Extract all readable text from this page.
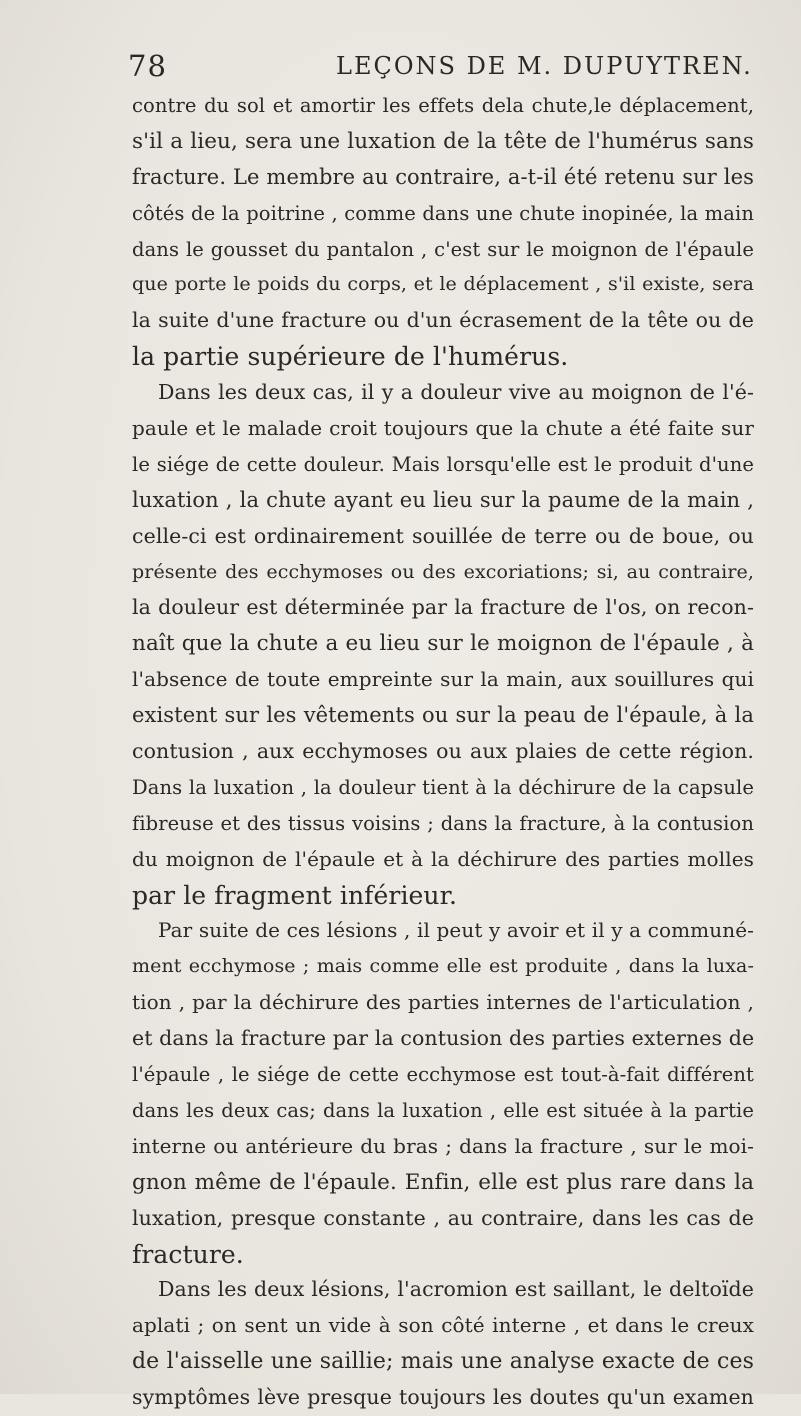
78	LEÇONS DE M. DUPUYTREN.
contre du sol et amortir les effets dela chute,le déplacement,
s'il a lieu, sera une luxation de la tête de l'humérus sans
fracture. Le membre au contraire, a-t-il été retenu sur les
côtés de la poitrine , comme dans une chute inopinée, la main
dans le gousset du pantalon , c'est sur le moignon de l'épaule
que porte le poids du corps, et le déplacement , s'il existe, sera
la suite d'une fracture ou d'un écrasement de la tête ou de
la partie supérieure de l'humérus.
Dans les deux cas, il y a douleur vive au moignon de l'é-
paule et le malade croit toujours que la chute a été faite sur
le siége de cette douleur. Mais lorsqu'elle est le produit d'une
luxation , la chute ayant eu lieu sur la paume de la main ,
celle-ci est ordinairement souillée de terre ou de boue, ou
présente des ecchymoses ou des excoriations; si, au contraire,
la douleur est déterminée par la fracture de l'os, on recon-
naît que la chute a eu lieu sur le moignon de l'épaule , à
l'absence de toute empreinte sur la main, aux souillures qui
existent sur les vêtements ou sur la peau de l'épaule, à la
contusion , aux ecchymoses ou aux plaies de cette région.
Dans la luxation , la douleur tient à la déchirure de la capsule
fibreuse et des tissus voisins ; dans la fracture, à la contusion
du moignon de l'épaule et à la déchirure des parties molles
par le fragment inférieur.
Par suite de ces lésions , il peut y avoir et il y a communé-
ment ecchymose ; mais comme elle est produite , dans la luxa-
tion , par la déchirure des parties internes de l'articulation ,
et dans la fracture par la contusion des parties externes de
l'épaule , le siége de cette ecchymose est tout-à-fait différent
dans les deux cas; dans la luxation , elle est située à la partie
interne ou antérieure du bras ; dans la fracture , sur le moi-
gnon même de l'épaule. Enfin, elle est plus rare dans la
luxation, presque constante , au contraire, dans les cas de
fracture.
Dans les deux lésions, l'acromion est saillant, le deltoïde
aplati ; on sent un vide à son côté interne , et dans le creux
de l'aisselle une saillie; mais une analyse exacte de ces
symptômes lève presque toujours les doutes qu'un examen
